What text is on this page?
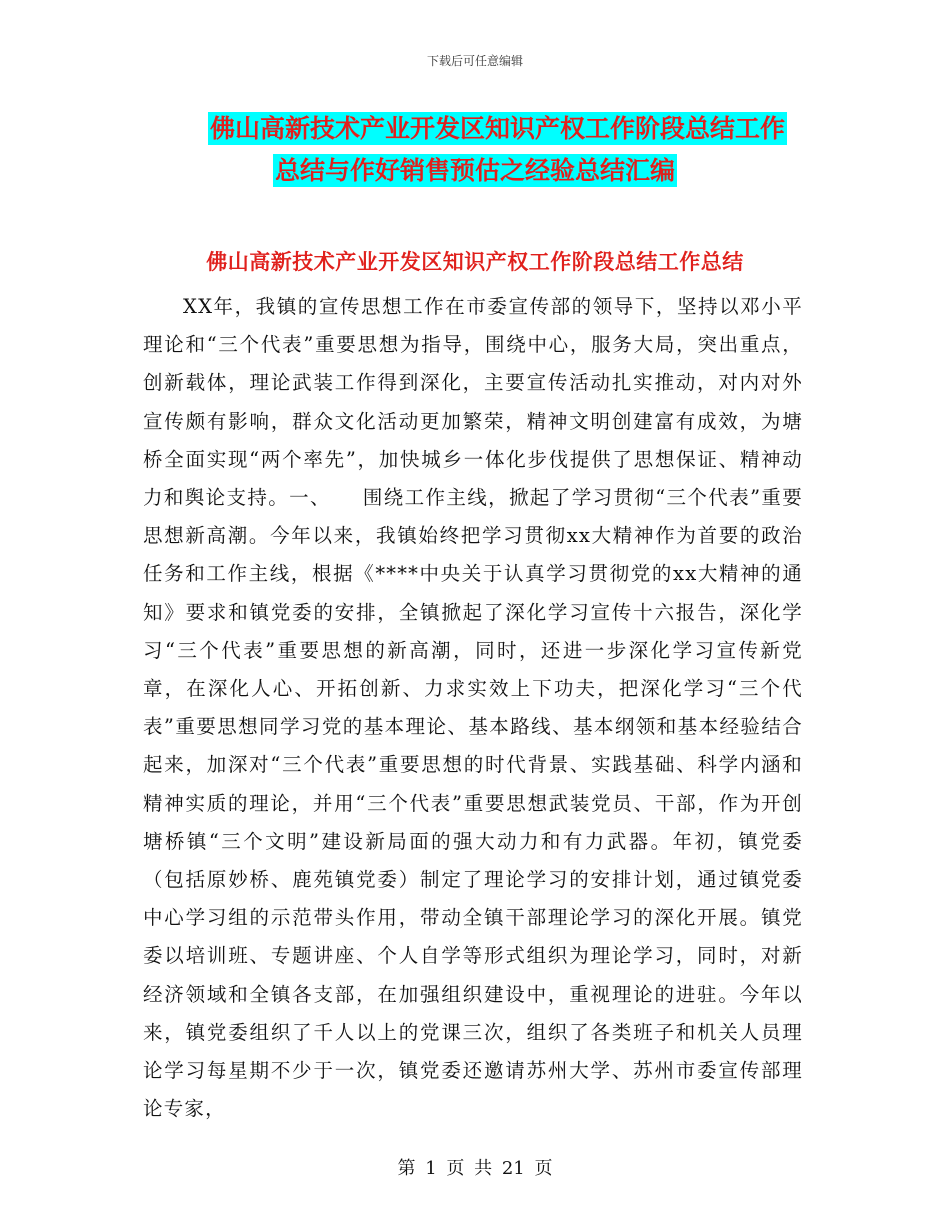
下载后可任意编辑
佛山高新技术产业开发区知识产权工作阶段总结工作
总结与作好销售预估之经验总结汇编
佛山高新技术产业开发区知识产权工作阶段总结工作总结

XX年，我镇的宣传思想工作在市委宣传部的领导下，坚持以邓小平理论和“三个代表”重要思想为指导，围绕中心，服务大局，突出重点，创新载体，理论武装工作得到深化，主要宣传活动扎实推动，对内对外宣传颇有影响，群众文化活动更加繁荣，精神文明创建富有成效，为塘桥全面实现“两个率先”，加快城乡一体化步伐提供了思想保证、精神动力和舆论支持。一、　　围绕工作主线，掀起了学习贯彻“三个代表”重要思想新高潮。今年以来，我镇始终把学习贯彻xx大精神作为首要的政治任务和工作主线，根据《****中央关于认真学习贯彻党的xx大精神的通知》要求和镇党委的安排，全镇掀起了深化学习宣传十六报告，深化学习“三个代表”重要思想的新高潮，同时，还进一步深化学习宣传新党章，在深化人心、开拓创新、力求实效上下功夫，把深化学习“三个代表”重要思想同学习党的基本理论、基本路线、基本纲领和基本经验结合起来，加深对“三个代表”重要思想的时代背景、实践基础、科学内涵和精神实质的理论，并用“三个代表”重要思想武装党员、干部，作为开创塘桥镇“三个文明”建设新局面的强大动力和有力武器。年初，镇党委（包括原妙桥、鹿苑镇党委）制定了理论学习的安排计划，通过镇党委中心学习组的示范带头作用，带动全镇干部理论学习的深化开展。镇党委以培训班、专题讲座、个人自学等形式组织为理论学习，同时，对新经济领域和全镇各支部，在加强组织建设中，重视理论的进驻。今年以来，镇党委组织了千人以上的党课三次，组织了各类班子和机关人员理论学习每星期不少于一次，镇党委还邀请苏州大学、苏州市委宣传部理论专家，

第 1 页 共 21 页
